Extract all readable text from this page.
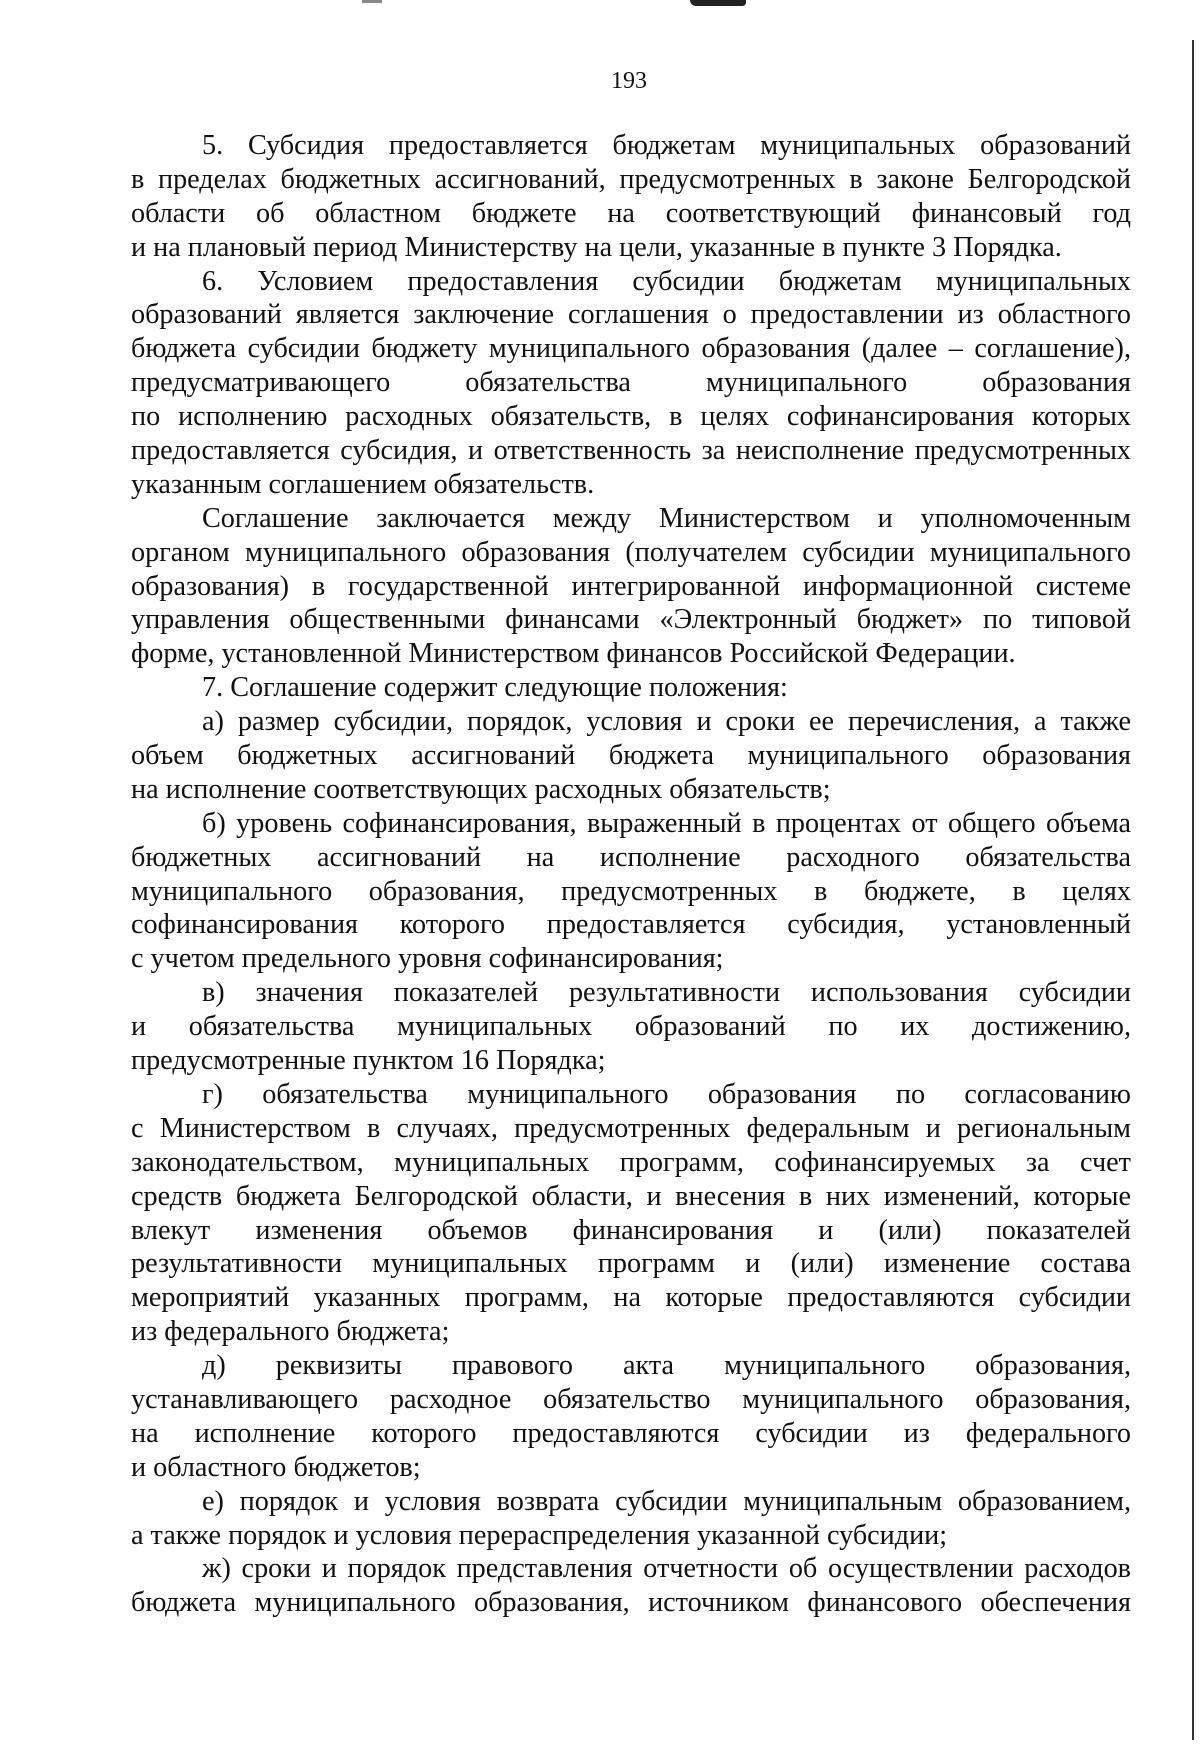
193
5. Субсидия предоставляется бюджетам муниципальных образований
в пределах бюджетных ассигнований, предусмотренных в законе Белгородской
области об областном бюджете на соответствующий финансовый год
и на плановый период Министерству на цели, указанные в пункте 3 Порядка.
6. Условием предоставления субсидии бюджетам муниципальных
образований является заключение соглашения о предоставлении из областного
бюджета субсидии бюджету муниципального образования (далее – соглашение),
предусматривающего обязательства муниципального образования
по исполнению расходных обязательств, в целях софинансирования которых
предоставляется субсидия, и ответственность за неисполнение предусмотренных
указанным соглашением обязательств.
Соглашение заключается между Министерством и уполномоченным
органом муниципального образования (получателем субсидии муниципального
образования) в государственной интегрированной информационной системе
управления общественными финансами «Электронный бюджет» по типовой
форме, установленной Министерством финансов Российской Федерации.
7. Соглашение содержит следующие положения:
а) размер субсидии, порядок, условия и сроки ее перечисления, а также
объем бюджетных ассигнований бюджета муниципального образования
на исполнение соответствующих расходных обязательств;
б) уровень софинансирования, выраженный в процентах от общего объема
бюджетных ассигнований на исполнение расходного обязательства
муниципального образования, предусмотренных в бюджете, в целях
софинансирования которого предоставляется субсидия, установленный
с учетом предельного уровня софинансирования;
в) значения показателей результативности использования субсидии
и обязательства муниципальных образований по их достижению,
предусмотренные пунктом 16 Порядка;
г) обязательства муниципального образования по согласованию
с Министерством в случаях, предусмотренных федеральным и региональным
законодательством, муниципальных программ, софинансируемых за счет
средств бюджета Белгородской области, и внесения в них изменений, которые
влекут изменения объемов финансирования и (или) показателей
результативности муниципальных программ и (или) изменение состава
мероприятий указанных программ, на которые предоставляются субсидии
из федерального бюджета;
д) реквизиты правового акта муниципального образования,
устанавливающего расходное обязательство муниципального образования,
на исполнение которого предоставляются субсидии из федерального
и областного бюджетов;
е) порядок и условия возврата субсидии муниципальным образованием,
а также порядок и условия перераспределения указанной субсидии;
ж) сроки и порядок представления отчетности об осуществлении расходов
бюджета муниципального образования, источником финансового обеспечения
